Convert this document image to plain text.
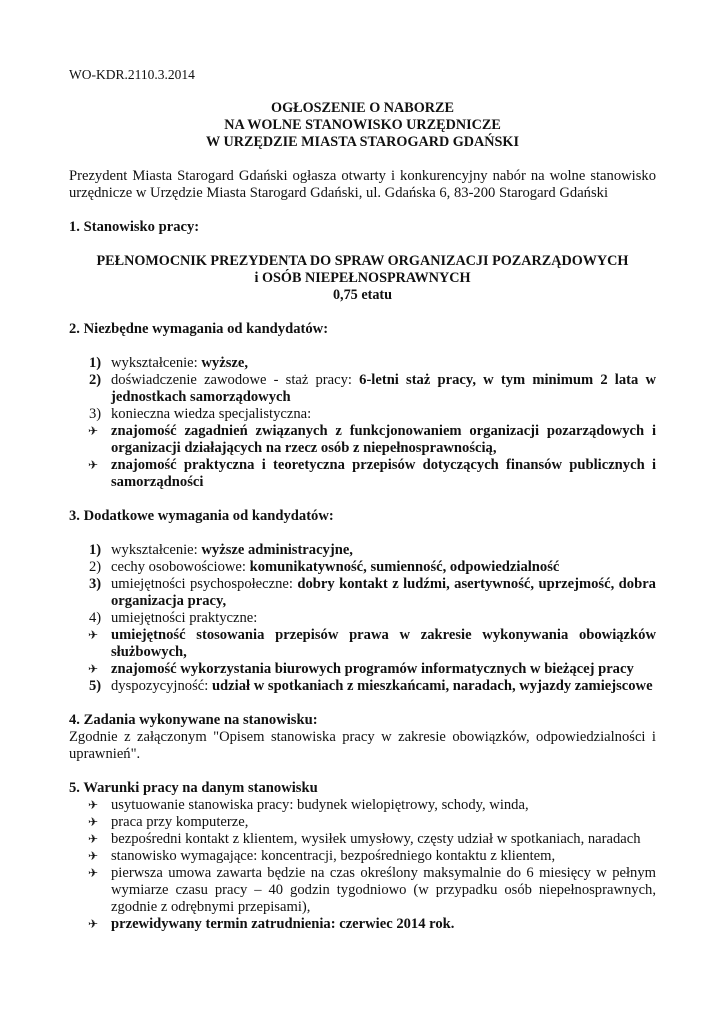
WO-KDR.2110.3.2014
OGŁOSZENIE O NABORZE
NA WOLNE STANOWISKO URZĘDNICZE
W URZĘDZIE MIASTA STAROGARD GDAŃSKI

Prezydent Miasta Starogard Gdański ogłasza otwarty i konkurencyjny nabór na wolne stanowisko urzędnicze w Urzędzie Miasta Starogard Gdański, ul. Gdańska 6, 83-200 Starogard Gdański

1. Stanowisko pracy:

PEŁNOMOCNIK PREZYDENTA DO SPRAW ORGANIZACJI POZARZĄDOWYCH
i OSÓB NIEPEŁNOSPRAWNYCH
0,75 etatu

2. Niezbędne wymagania od kandydatów:

1) wykształcenie: wyższe,
2) doświadczenie zawodowe - staż pracy: 6-letni staż pracy, w tym minimum 2 lata w jednostkach samorządowych
3) konieczna wiedza specjalistyczna:
✈ znajomość zagadnień związanych z funkcjonowaniem organizacji pozarządowych i organizacji działających na rzecz osób z niepełnosprawnością,
✈ znajomość praktyczna i teoretyczna przepisów dotyczących finansów publicznych i samorządności

3. Dodatkowe wymagania od kandydatów:

1) wykształcenie: wyższe administracyjne,
2) cechy osobowościowe: komunikatywność, sumienność, odpowiedzialność
3) umiejętności psychospołeczne: dobry kontakt z ludźmi, asertywność, uprzejmość, dobra organizacja pracy,
4) umiejętności praktyczne:
✈ umiejętność stosowania przepisów prawa w zakresie wykonywania obowiązków służbowych,
✈ znajomość wykorzystania biurowych programów informatycznych w bieżącej pracy
5) dyspozycyjność: udział w spotkaniach z mieszkańcami, naradach, wyjazdy zamiejscowe

4. Zadania wykonywane na stanowisku:

Zgodnie z załączonym "Opisem stanowiska pracy w zakresie obowiązków, odpowiedzialności i uprawnień".

5. Warunki pracy na danym stanowisku

✈ usytuowanie stanowiska pracy: budynek wielopiętrowy, schody, winda,
✈ praca przy komputerze,
✈ bezpośredni kontakt z klientem, wysiłek umysłowy, częsty udział w spotkaniach, naradach
✈ stanowisko wymagające: koncentracji, bezpośredniego kontaktu z klientem,
✈ pierwsza umowa zawarta będzie na czas określony maksymalnie do 6 miesięcy w pełnym wymiarze czasu pracy – 40 godzin tygodniowo (w przypadku osób niepełnosprawnych, zgodnie z odrębnymi przepisami),
✈ przewidywany termin zatrudnienia: czerwiec 2014 rok.
